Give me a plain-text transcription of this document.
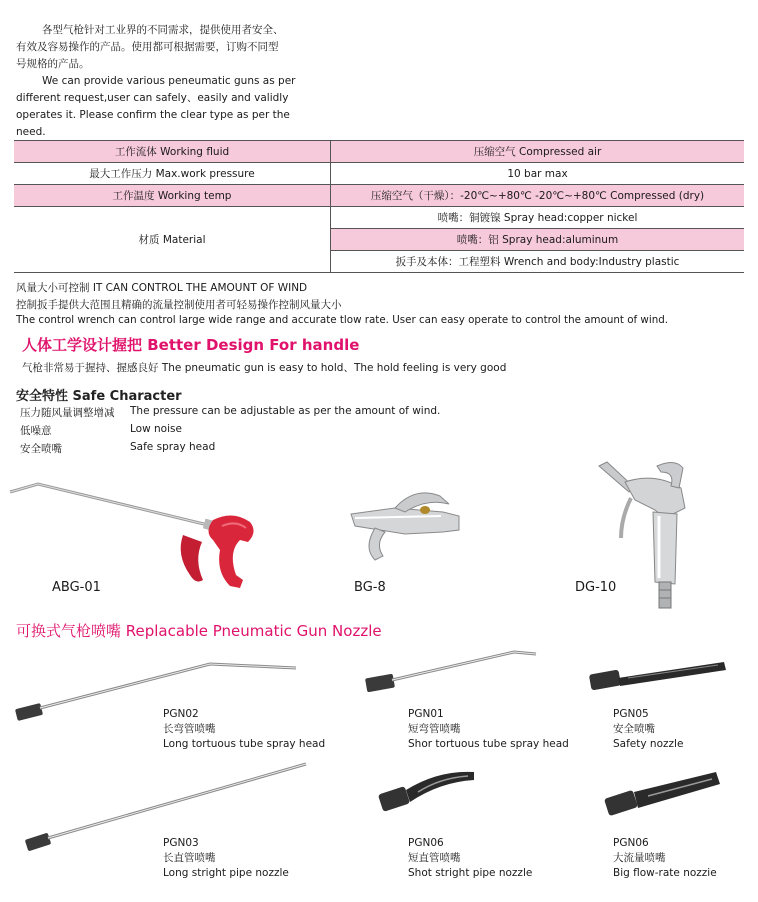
各型气枪针对工业界的不同需求，提供使用者安全、

有效及容易操作的产品。使用都可根据需要，订购不同型

号规格的产品。

We can provide various peneumatic guns as per

different request,user can safely、easily and validly

operates it. Please confirm the clear type as per the need.

工作流体 Working fluid	压缩空气 Compressed air
最大工作压力 Max.work pressure	10 bar max
工作温度 Working temp	压缩空气（干燥）：-20℃~+80℃ -20℃~+80℃ Compressed (dry)
材质 Material	喷嘴：铜镀镍 Spray head:copper nickel
	喷嘴：铝 Spray head:aluminum
	扳手及本体：工程塑料 Wrench and body:Industry plastic
风量大小可控制 IT CAN CONTROL THE AMOUNT OF WIND
控制扳手提供大范围且精确的流量控制使用者可轻易操作控制风量大小
The control wrench can control large wide range and accurate tlow rate. User can easy operate to control the amount of wind.
人体工学设计握把 Better Design For handle
气枪非常易于握持、握感良好 The pneumatic gun is easy to hold、The hold feeling is very good
安全特性 Safe Character
压力随风量调整增减 The pressure can be adjustable as per the amount of wind.
低噪意	Low noise
安全喷嘴	Safe spray head
ABG-01	BG-8	DG-10
可换式气枪喷嘴 Replacable Pneumatic Gun Nozzle
PGN02
长弯管喷嘴
Long tortuous tube spray head
PGN01
短弯管喷嘴
Shor tortuous tube spray head
PGN05
安全喷嘴
Safety nozzle
PGN03
长直管喷嘴
Long stright pipe nozzle
PGN06
短直管喷嘴
Shot stright pipe nozzle
PGN06
大流量喷嘴
Big flow-rate nozzie
